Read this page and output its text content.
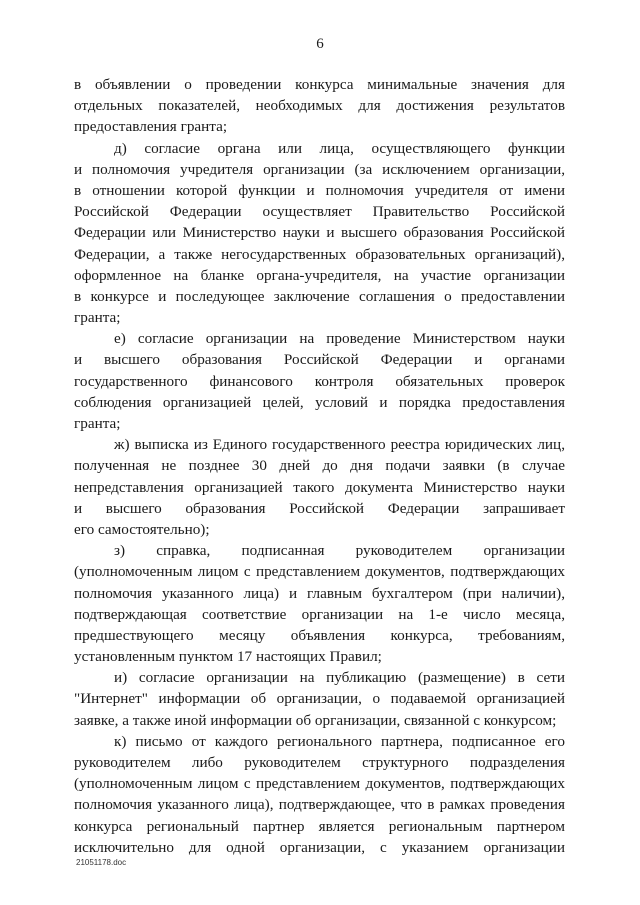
6
в объявлении о проведении конкурса минимальные значения для
отдельных показателей, необходимых для достижения результатов
предоставления гранта;
д) согласие органа или лица, осуществляющего функции
и полномочия учредителя организации (за исключением организации,
в отношении которой функции и полномочия учредителя от имени
Российской Федерации осуществляет Правительство Российской
Федерации или Министерство науки и высшего образования Российской
Федерации, а также негосударственных образовательных организаций),
оформленное на бланке органа-учредителя, на участие организации
в конкурсе и последующее заключение соглашения о предоставлении
гранта;
е) согласие организации на проведение Министерством науки
и высшего образования Российской Федерации и органами
государственного финансового контроля обязательных проверок
соблюдения организацией целей, условий и порядка предоставления
гранта;
ж) выписка из Единого государственного реестра юридических лиц,
полученная не позднее 30 дней до дня подачи заявки (в случае
непредставления организацией такого документа Министерство науки
и высшего образования Российской Федерации запрашивает
его самостоятельно);
з) справка, подписанная руководителем организации
(уполномоченным лицом с представлением документов, подтверждающих
полномочия указанного лица) и главным бухгалтером (при наличии),
подтверждающая соответствие организации на 1-е число месяца,
предшествующего месяцу объявления конкурса, требованиям,
установленным пунктом 17 настоящих Правил;
и) согласие организации на публикацию (размещение) в сети
"Интернет" информации об организации, о подаваемой организацией
заявке, а также иной информации об организации, связанной с конкурсом;
к) письмо от каждого регионального партнера, подписанное его
руководителем либо руководителем структурного подразделения
(уполномоченным лицом с представлением документов, подтверждающих
полномочия указанного лица), подтверждающее, что в рамках проведения
конкурса региональный партнер является региональным партнером
исключительно для одной организации, с указанием организации
21051178.doc
